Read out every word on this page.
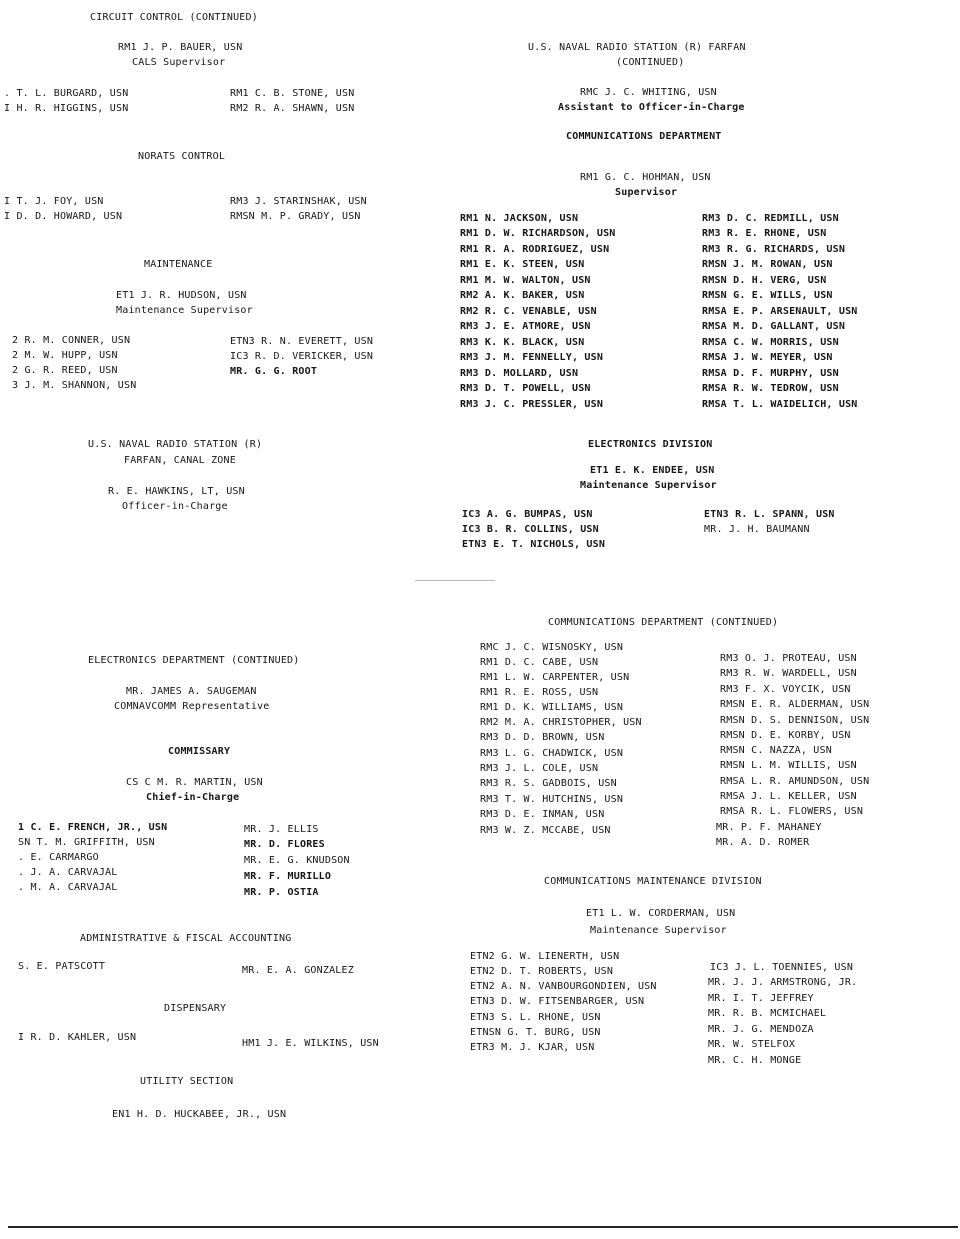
CIRCUIT CONTROL (CONTINUED)
RM1 J. P. BAUER, USN
CALS Supervisor
. T. L. BURGARD, USN
I H. R. HIGGINS, USN
RM1 C. B. STONE, USN
RM2 R. A. SHAWN, USN
NORATS CONTROL
I T. J. FOY, USN
I D. D. HOWARD, USN
RM3 J. STARINSHAK, USN
RMSN M. P. GRADY, USN
MAINTENANCE
ET1 J. R. HUDSON, USN
Maintenance Supervisor
2 R. M. CONNER, USN
2 M. W. HUPP, USN
2 G. R. REED, USN
3 J. M. SHANNON, USN
ETN3 R. N. EVERETT, USN
IC3 R. D. VERICKER, USN
MR. G. G. ROOT
U.S. NAVAL RADIO STATION (R)
FARFAN, CANAL ZONE
R. E. HAWKINS, LT, USN
Officer-in-Charge
U.S. NAVAL RADIO STATION (R) FARFAN
(CONTINUED)
RMC J. C. WHITING, USN
Assistant to Officer-in-Charge
COMMUNICATIONS DEPARTMENT
RM1 G. C. HOHMAN, USN
Supervisor
RM1 N. JACKSON, USN
RM1 D. W. RICHARDSON, USN
RM1 R. A. RODRIGUEZ, USN
RM1 E. K. STEEN, USN
RM1 M. W. WALTON, USN
RM2 A. K. BAKER, USN
RM2 R. C. VENABLE, USN
RM3 J. E. ATMORE, USN
RM3 K. K. BLACK, USN
RM3 J. M. FENNELLY, USN
RM3 D. MOLLARD, USN
RM3 D. T. POWELL, USN
RM3 J. C. PRESSLER, USN
RM3 D. C. REDMILL, USN
RM3 R. E. RHONE, USN
RM3 R. G. RICHARDS, USN
RMSN J. M. ROWAN, USN
RMSN D. H. VERG, USN
RMSN G. E. WILLS, USN
RMSA E. P. ARSENAULT, USN
RMSA M. D. GALLANT, USN
RMSA C. W. MORRIS, USN
RMSA J. W. MEYER, USN
RMSA D. F. MURPHY, USN
RMSA R. W. TEDROW, USN
RMSA T. L. WAIDELICH, USN
ELECTRONICS DIVISION
ET1 E. K. ENDEE, USN
Maintenance Supervisor
IC3 A. G. BUMPAS, USN
IC3 B. R. COLLINS, USN
ETN3 E. T. NICHOLS, USN
ETN3 R. L. SPANN, USN
MR. J. H. BAUMANN
ELECTRONICS DEPARTMENT (CONTINUED)
MR. JAMES A. SAUGEMAN
COMNAVCOMM Representative
COMMISSARY
CS C M. R. MARTIN, USN
Chief-in-Charge
1 C. E. FRENCH, JR., USN
SN T. M. GRIFFITH, USN
. E. CARMARGO
. J. A. CARVAJAL
. M. A. CARVAJAL
MR. J. ELLIS
MR. D. FLORES
MR. E. G. KNUDSON
MR. F. MURILLO
MR. P. OSTIA
ADMINISTRATIVE & FISCAL ACCOUNTING
S. E. PATSCOTT	MR. E. A. GONZALEZ
DISPENSARY
I R. D. KAHLER, USN
HM1 J. E. WILKINS, USN
UTILITY SECTION
EN1 H. D. HUCKABEE, JR., USN
COMMUNICATIONS DEPARTMENT (CONTINUED)
RMC J. C. WISNOSKY, USN
RM1 D. C. CABE, USN
RM1 L. W. CARPENTER, USN
RM1 R. E. ROSS, USN
RM1 D. K. WILLIAMS, USN
RM2 M. A. CHRISTOPHER, USN
RM3 D. D. BROWN, USN
RM3 L. G. CHADWICK, USN
RM3 J. L. COLE, USN
RM3 R. S. GADBOIS, USN
RM3 T. W. HUTCHINS, USN
RM3 D. E. INMAN, USN
RM3 W. Z. MCCABE, USN
RM3 O. J. PROTEAU, USN
RM3 R. W. WARDELL, USN
RM3 F. X. VOYCIK, USN
RMSN E. R. ALDERMAN, USN
RMSN D. S. DENNISON, USN
RMSN D. E. KORBY, USN
RMSN C. NAZZA, USN
RMSN L. M. WILLIS, USN
RMSA L. R. AMUNDSON, USN
RMSA J. L. KELLER, USN
RMSA R. L. FLOWERS, USN
MR. P. F. MAHANEY
MR. A. D. ROMER
COMMUNICATIONS MAINTENANCE DIVISION
ET1 L. W. CORDERMAN, USN
Maintenance Supervisor
ETN2 G. W. LIENERTH, USN
ETN2 D. T. ROBERTS, USN
ETN2 A. N. VANBOURGONDIEN, USN
ETN3 D. W. FITSENBARGER, USN
ETN3 S. L. RHONE, USN
ETNSN G. T. BURG, USN
ETR3 M. J. KJAR, USN
IC3 J. L. TOENNIES, USN
MR. J. J. ARMSTRONG, JR.
MR. I. T. JEFFREY
MR. R. B. MCMICHAEL
MR. J. G. MENDOZA
MR. W. STELFOX
MR. C. H. MONGE
